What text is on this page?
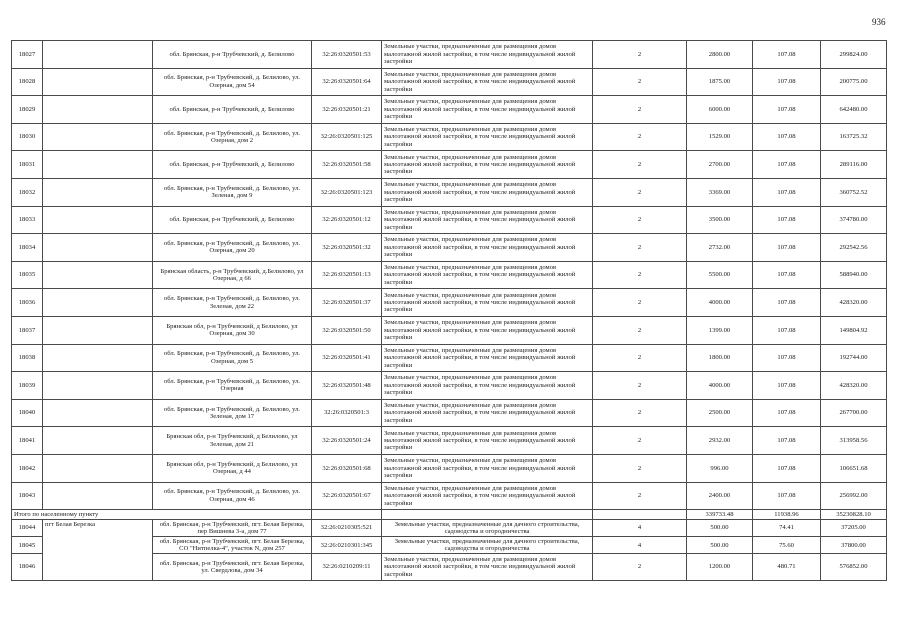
936
18027		обл. Брянская, р-н Трубчевский, д. Белилово	32:26:0320501:53	Земельные участки, предназначенные для размещения домов малоэтажной жилой застройки, в том числе индивидуальной жилой застройки	2	2800.00	107.08	299824.00
18028		обл. Брянская, р-н Трубчевский, д. Белилово, ул. Озерная, дом 54	32:26:0320501:64	Земельные участки, предназначенные для размещения домов малоэтажной жилой застройки, в том числе индивидуальной жилой застройки	2	1875.00	107.08	200775.00
18029		обл. Брянская, р-н Трубчевский, д. Белилово	32:26:0320501:21	Земельные участки, предназначенные для размещения домов малоэтажной жилой застройки, в том числе индивидуальной жилой застройки	2	6000.00	107.08	642480.00
18030		обл. Брянская, р-н Трубчевский, д. Белилово, ул. Озерная, дом 2	32:26:0320501:125	Земельные участки, предназначенные для размещения домов малоэтажной жилой застройки, в том числе индивидуальной жилой застройки	2	1529.00	107.08	163725.32
18031		обл. Брянская, р-н Трубчевский, д. Белилово	32:26:0320501:58	Земельные участки, предназначенные для размещения домов малоэтажной жилой застройки, в том числе индивидуальной жилой застройки	2	2700.00	107.08	289116.00
18032		обл. Брянская, р-н Трубчевский, д. Белилово, ул. Зеленая, дом 9	32:26:0320501:123	Земельные участки, предназначенные для размещения домов малоэтажной жилой застройки, в том числе индивидуальной жилой застройки	2	3369.00	107.08	360752.52
18033		обл. Брянская, р-н Трубчевский, д. Белилово	32:26:0320501:12	Земельные участки, предназначенные для размещения домов малоэтажной жилой застройки, в том числе индивидуальной жилой застройки	2	3500.00	107.08	374780.00
18034		обл. Брянская, р-н Трубчевский, д. Белилово, ул. Озерная, дом 20	32:26:0320501:32	Земельные участки, предназначенные для размещения домов малоэтажной жилой застройки, в том числе индивидуальной жилой застройки	2	2732.00	107.08	292542.56
18035		Брянская область, р-н Трубчевский, д.Белилово, ул Озерная, д 66	32:26:0320501:13	Земельные участки, предназначенные для размещения домов малоэтажной жилой застройки, в том числе индивидуальной жилой застройки	2	5500.00	107.08	588940.00
18036		обл. Брянская, р-н Трубчевский, д. Белилово, ул. Зеленая, дом 22	32:26:0320501:37	Земельные участки, предназначенные для размещения домов малоэтажной жилой застройки, в том числе индивидуальной жилой застройки	2	4000.00	107.08	428320.00
18037		Брянская обл, р-н Трубчевский, д Белилово, ул Озерная, дом 30	32:26:0320501:50	Земельные участки, предназначенные для размещения домов малоэтажной жилой застройки, в том числе индивидуальной жилой застройки	2	1399.00	107.08	149804.92
18038		обл. Брянская, р-н Трубчевский, д. Белилово, ул. Озерная, дом 5	32:26:0320501:41	Земельные участки, предназначенные для размещения домов малоэтажной жилой застройки, в том числе индивидуальной жилой застройки	2	1800.00	107.08	192744.00
18039		обл. Брянская, р-н Трубчевский, д. Белилово, ул. Озерная	32:26:0320501:48	Земельные участки, предназначенные для размещения домов малоэтажной жилой застройки, в том числе индивидуальной жилой застройки	2	4000.00	107.08	428320.00
18040		обл. Брянская, р-н Трубчевский, д. Белилово, ул. Зеленая, дом 17	32:26:0320501:3	Земельные участки, предназначенные для размещения домов малоэтажной жилой застройки, в том числе индивидуальной жилой застройки	2	2500.00	107.08	267700.00
18041		Брянская обл, р-н Трубчевский, д Белилово, ул Зеленая, дом 21	32:26:0320501:24	Земельные участки, предназначенные для размещения домов малоэтажной жилой застройки, в том числе индивидуальной жилой застройки	2	2932.00	107.08	313958.56
18042		Брянская обл, р-н Трубчевский, д Белилово, ул Озерная, д 44	32:26:0320501:68	Земельные участки, предназначенные для размещения домов малоэтажной жилой застройки, в том числе индивидуальной жилой застройки	2	996.00	107.08	106651.68
18043		обл. Брянская, р-н Трубчевский, д. Белилово, ул. Озерная, дом 46	32:26:0320501:67	Земельные участки, предназначенные для размещения домов малоэтажной жилой застройки, в том числе индивидуальной жилой застройки	2	2400.00	107.08	256992.00
Итого по населенному пункту						339733.48	11938.96	35230828.10
18044	пгт Белая Березка	обл. Брянская, р-н Трубчевский, пгт. Белая Березка, пер Вишнева 3-а, дом 77	32:26:0210305:521	Земельные участки, предназначенные для дачного строительства, садоводства и огородничества	4	500.00	74.41	37205.00
18045		обл. Брянская, р-н Трубчевский, пгт. Белая Березка, СО "Нитпелка-4", участок N, дом 257	32:26:0210301:345	Земельные участки, предназначенные для дачного строительства, садоводства и огородничества	4	500.00	75.60	37800.00
18046		обл. Брянская, р-н Трубчевский, пгт. Белая Березка, ул. Свердлова, дом 34	32:26:0210209:11	Земельные участки, предназначенные для размещения домов малоэтажной жилой застройки, в том числе индивидуальной жилой застройки	2	1200.00	480.71	576852.00
